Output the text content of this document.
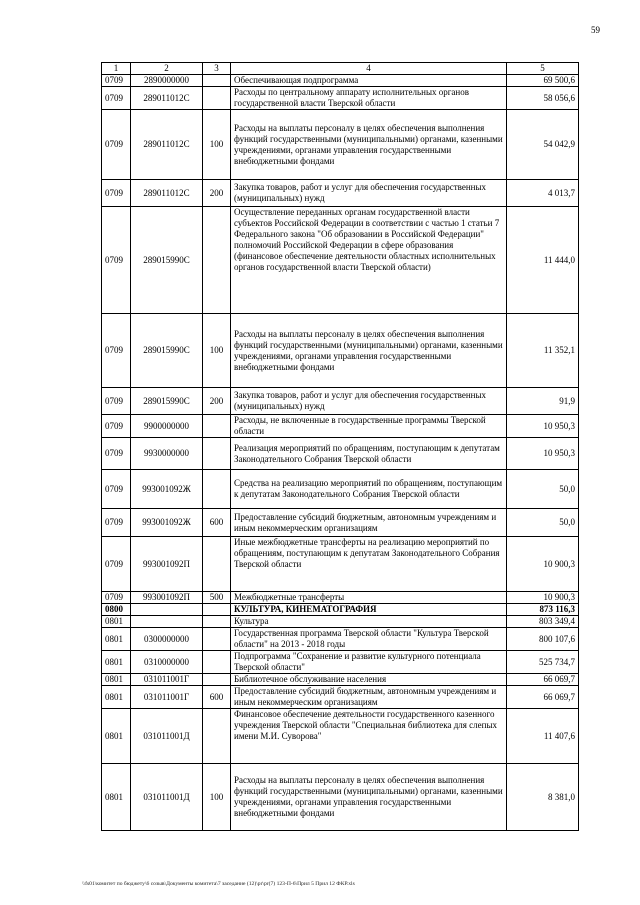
59
1	2	3	4	5
0709	2890000000		Обеспечивающая подпрограмма	69 500,6
0709	289011012С		Расходы по центральному аппарату исполнительных органов государственной власти Тверской области	58 056,6
0709	289011012С	100	Расходы на выплаты персоналу в целях обеспечения выполнения функций государственными (муниципальными) органами, казенными учреждениями, органами управления государственными внебюджетными фондами	54 042,9
0709	289011012С	200	Закупка товаров, работ и услуг для обеспечения государственных (муниципальных) нужд	4 013,7
0709	289015990С		Осуществление переданных органам государственной власти субъектов Российской Федерации в соответствии с частью 1 статьи 7 Федерального закона "Об образовании в Российской Федерации" полномочий Российской Федерации в сфере образования (финансовое обеспечение деятельности областных исполнительных органов государственной власти Тверской области)	11 444,0
0709	289015990С	100	Расходы на выплаты персоналу в целях обеспечения выполнения функций государственными (муниципальными) органами, казенными учреждениями, органами управления государственными внебюджетными фондами	11 352,1
0709	289015990С	200	Закупка товаров, работ и услуг для обеспечения государственных (муниципальных) нужд	91,9
0709	9900000000		Расходы, не включенные в государственные программы Тверской области	10 950,3
0709	9930000000		Реализация мероприятий по обращениям, поступающим к депутатам Законодательного Собрания Тверской области	10 950,3
0709	993001092Ж		Средства на реализацию мероприятий по обращениям, поступающим к депутатам Законодательного Собрания Тверской области	50,0
0709	993001092Ж	600	Предоставление субсидий бюджетным, автономным учреждениям и иным некоммерческим организациям	50,0
0709	993001092П		Иные межбюджетные трансферты на реализацию мероприятий по обращениям, поступающим к депутатам Законодательного Собрания Тверской области	10 900,3
0709	993001092П	500	Межбюджетные трансферты	10 900,3
0800			КУЛЬТУРА, КИНЕМАТОГРАФИЯ	873 116,3
0801			Культура	803 349,4
0801	0300000000		Государственная программа Тверской области "Культура Тверской области" на 2013 - 2018 годы	800 107,6
0801	0310000000		Подпрограмма "Сохранение и развитие культурного потенциала Тверской области"	525 734,7
0801	031011001Г		Библиотечное обслуживание населения	66 069,7
0801	031011001Г	600	Предоставление субсидий бюджетным, автономным учреждениям и иным некоммерческим организациям	66 069,7
0801	031011001Д		Финансовое обеспечение деятельности государственного казенного учреждения Тверской области "Специальная библиотека для слепых имени М.И. Суворова"	11 407,6
0801	031011001Д	100	Расходы на выплаты персоналу в целях обеспечения выполнения функций государственными (муниципальными) органами, казенными учреждениями, органами управления государственными внебюджетными фондами	8 381,0
\\fs01\комитет по бюджету\6 созыв\Документы комитета\7 заседание (12)\pr\pr(7) 123-П-6\Прил 5 Прил 12 ФКР.xls
